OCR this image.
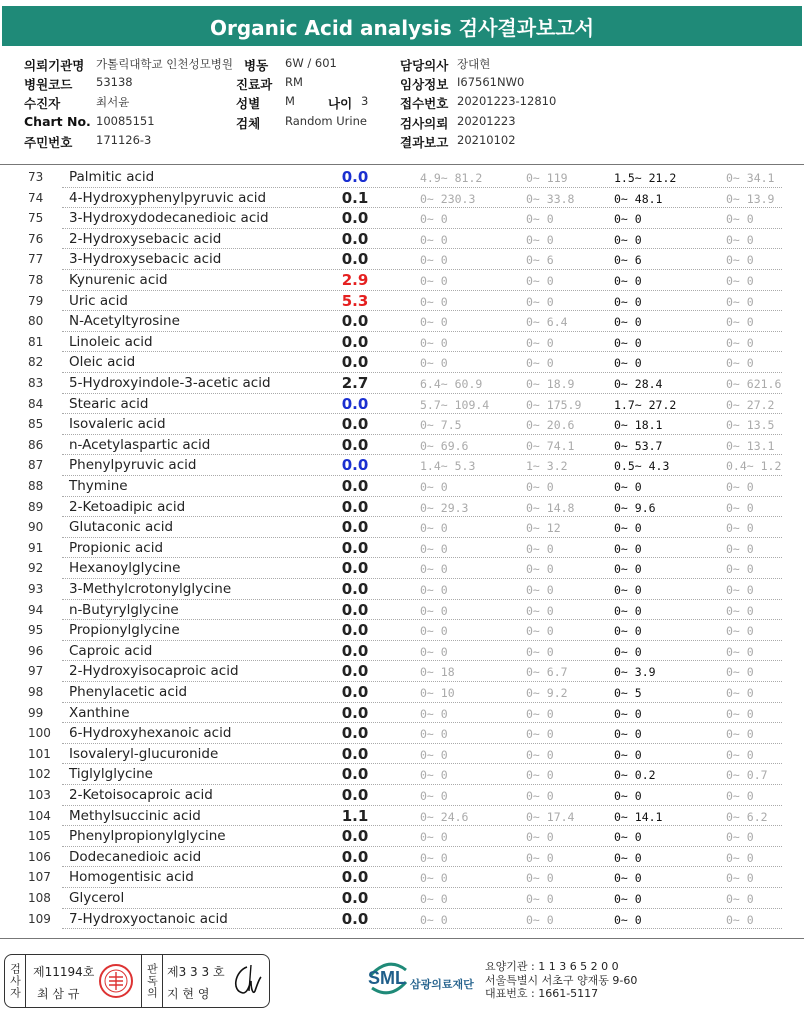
Organic Acid analysis 검사결과보고서
의뢰기관명 가톨릭대학교 인천성모병원 병동 6W / 601	담당의사 장대현
병원코드 53138	진료과 RM	임상정보 I67561NW0
수진자	최서윤	성별 M	나이 3	접수번호 20201223-12810
Chart No. 10085151	검체 Random Urine	검사의뢰 20201223
주민번호 171126-3	결과보고 20210102
73	Palmitic acid	0.0	4.9~ 81.2	0~ 119	1.5~ 21.2	0~ 34.1
74	4-Hydroxyphenylpyruvic acid	0.1	0~ 230.3	0~ 33.8	0~ 48.1	0~ 13.9
75	3-Hydroxydodecanedioic acid	0.0	0~ 0	0~ 0	0~ 0	0~ 0
76	2-Hydroxysebacic acid	0.0	0~ 0	0~ 0	0~ 0	0~ 0
77	3-Hydroxysebacic acid	0.0	0~ 0	0~ 6	0~ 6	0~ 0
78	Kynurenic acid	2.9	0~ 0	0~ 0	0~ 0	0~ 0
79	Uric acid	5.3	0~ 0	0~ 0	0~ 0	0~ 0
80	N-Acetyltyrosine	0.0	0~ 0	0~ 6.4	0~ 0	0~ 0
81	Linoleic acid	0.0	0~ 0	0~ 0	0~ 0	0~ 0
82	Oleic acid	0.0	0~ 0	0~ 0	0~ 0	0~ 0
83	5-Hydroxyindole-3-acetic acid	2.7	6.4~ 60.9	0~ 18.9	0~ 28.4	0~ 621.6
84	Stearic acid	0.0	5.7~ 109.4	0~ 175.9	1.7~ 27.2	0~ 27.2
85	Isovaleric acid	0.0	0~ 7.5	0~ 20.6	0~ 18.1	0~ 13.5
86	n-Acetylaspartic acid	0.0	0~ 69.6	0~ 74.1	0~ 53.7	0~ 13.1
87	Phenylpyruvic acid	0.0	1.4~ 5.3	1~ 3.2	0.5~ 4.3	0.4~ 1.2
88	Thymine	0.0	0~ 0	0~ 0	0~ 0	0~ 0
89	2-Ketoadipic acid	0.0	0~ 29.3	0~ 14.8	0~ 9.6	0~ 0
90	Glutaconic acid	0.0	0~ 0	0~ 12	0~ 0	0~ 0
91	Propionic acid	0.0	0~ 0	0~ 0	0~ 0	0~ 0
92	Hexanoylglycine	0.0	0~ 0	0~ 0	0~ 0	0~ 0
93	3-Methylcrotonylglycine	0.0	0~ 0	0~ 0	0~ 0	0~ 0
94	n-Butyrylglycine	0.0	0~ 0	0~ 0	0~ 0	0~ 0
95	Propionylglycine	0.0	0~ 0	0~ 0	0~ 0	0~ 0
96	Caproic acid	0.0	0~ 0	0~ 0	0~ 0	0~ 0
97	2-Hydroxyisocaproic acid	0.0	0~ 18	0~ 6.7	0~ 3.9	0~ 0
98	Phenylacetic acid	0.0	0~ 10	0~ 9.2	0~ 5	0~ 0
99	Xanthine	0.0	0~ 0	0~ 0	0~ 0	0~ 0
100	6-Hydroxyhexanoic acid	0.0	0~ 0	0~ 0	0~ 0	0~ 0
101	Isovaleryl-glucuronide	0.0	0~ 0	0~ 0	0~ 0	0~ 0
102	Tiglylglycine	0.0	0~ 0	0~ 0	0~ 0.2	0~ 0.7
103	2-Ketoisocaproic acid	0.0	0~ 0	0~ 0	0~ 0	0~ 0
104	Methylsuccinic acid	1.1	0~ 24.6	0~ 17.4	0~ 14.1	0~ 6.2
105	Phenylpropionylglycine	0.0	0~ 0	0~ 0	0~ 0	0~ 0
106	Dodecanedioic acid	0.0	0~ 0	0~ 0	0~ 0	0~ 0
107	Homogentisic acid	0.0	0~ 0	0~ 0	0~ 0	0~ 0
108	Glycerol	0.0	0~ 0	0~ 0	0~ 0	0~ 0
109	7-Hydroxyoctanoic acid	0.0	0~ 0	0~ 0	0~ 0	0~ 0
검사자 제11194호
최 삼 규	판독의 제3 3 3 호
지 현 영
SML 삼광의료재단
요양기관 : 1 1 3 6 5 2 0 0
서울특별시 서초구 양재동 9-60
대표번호 : 1661-5117
